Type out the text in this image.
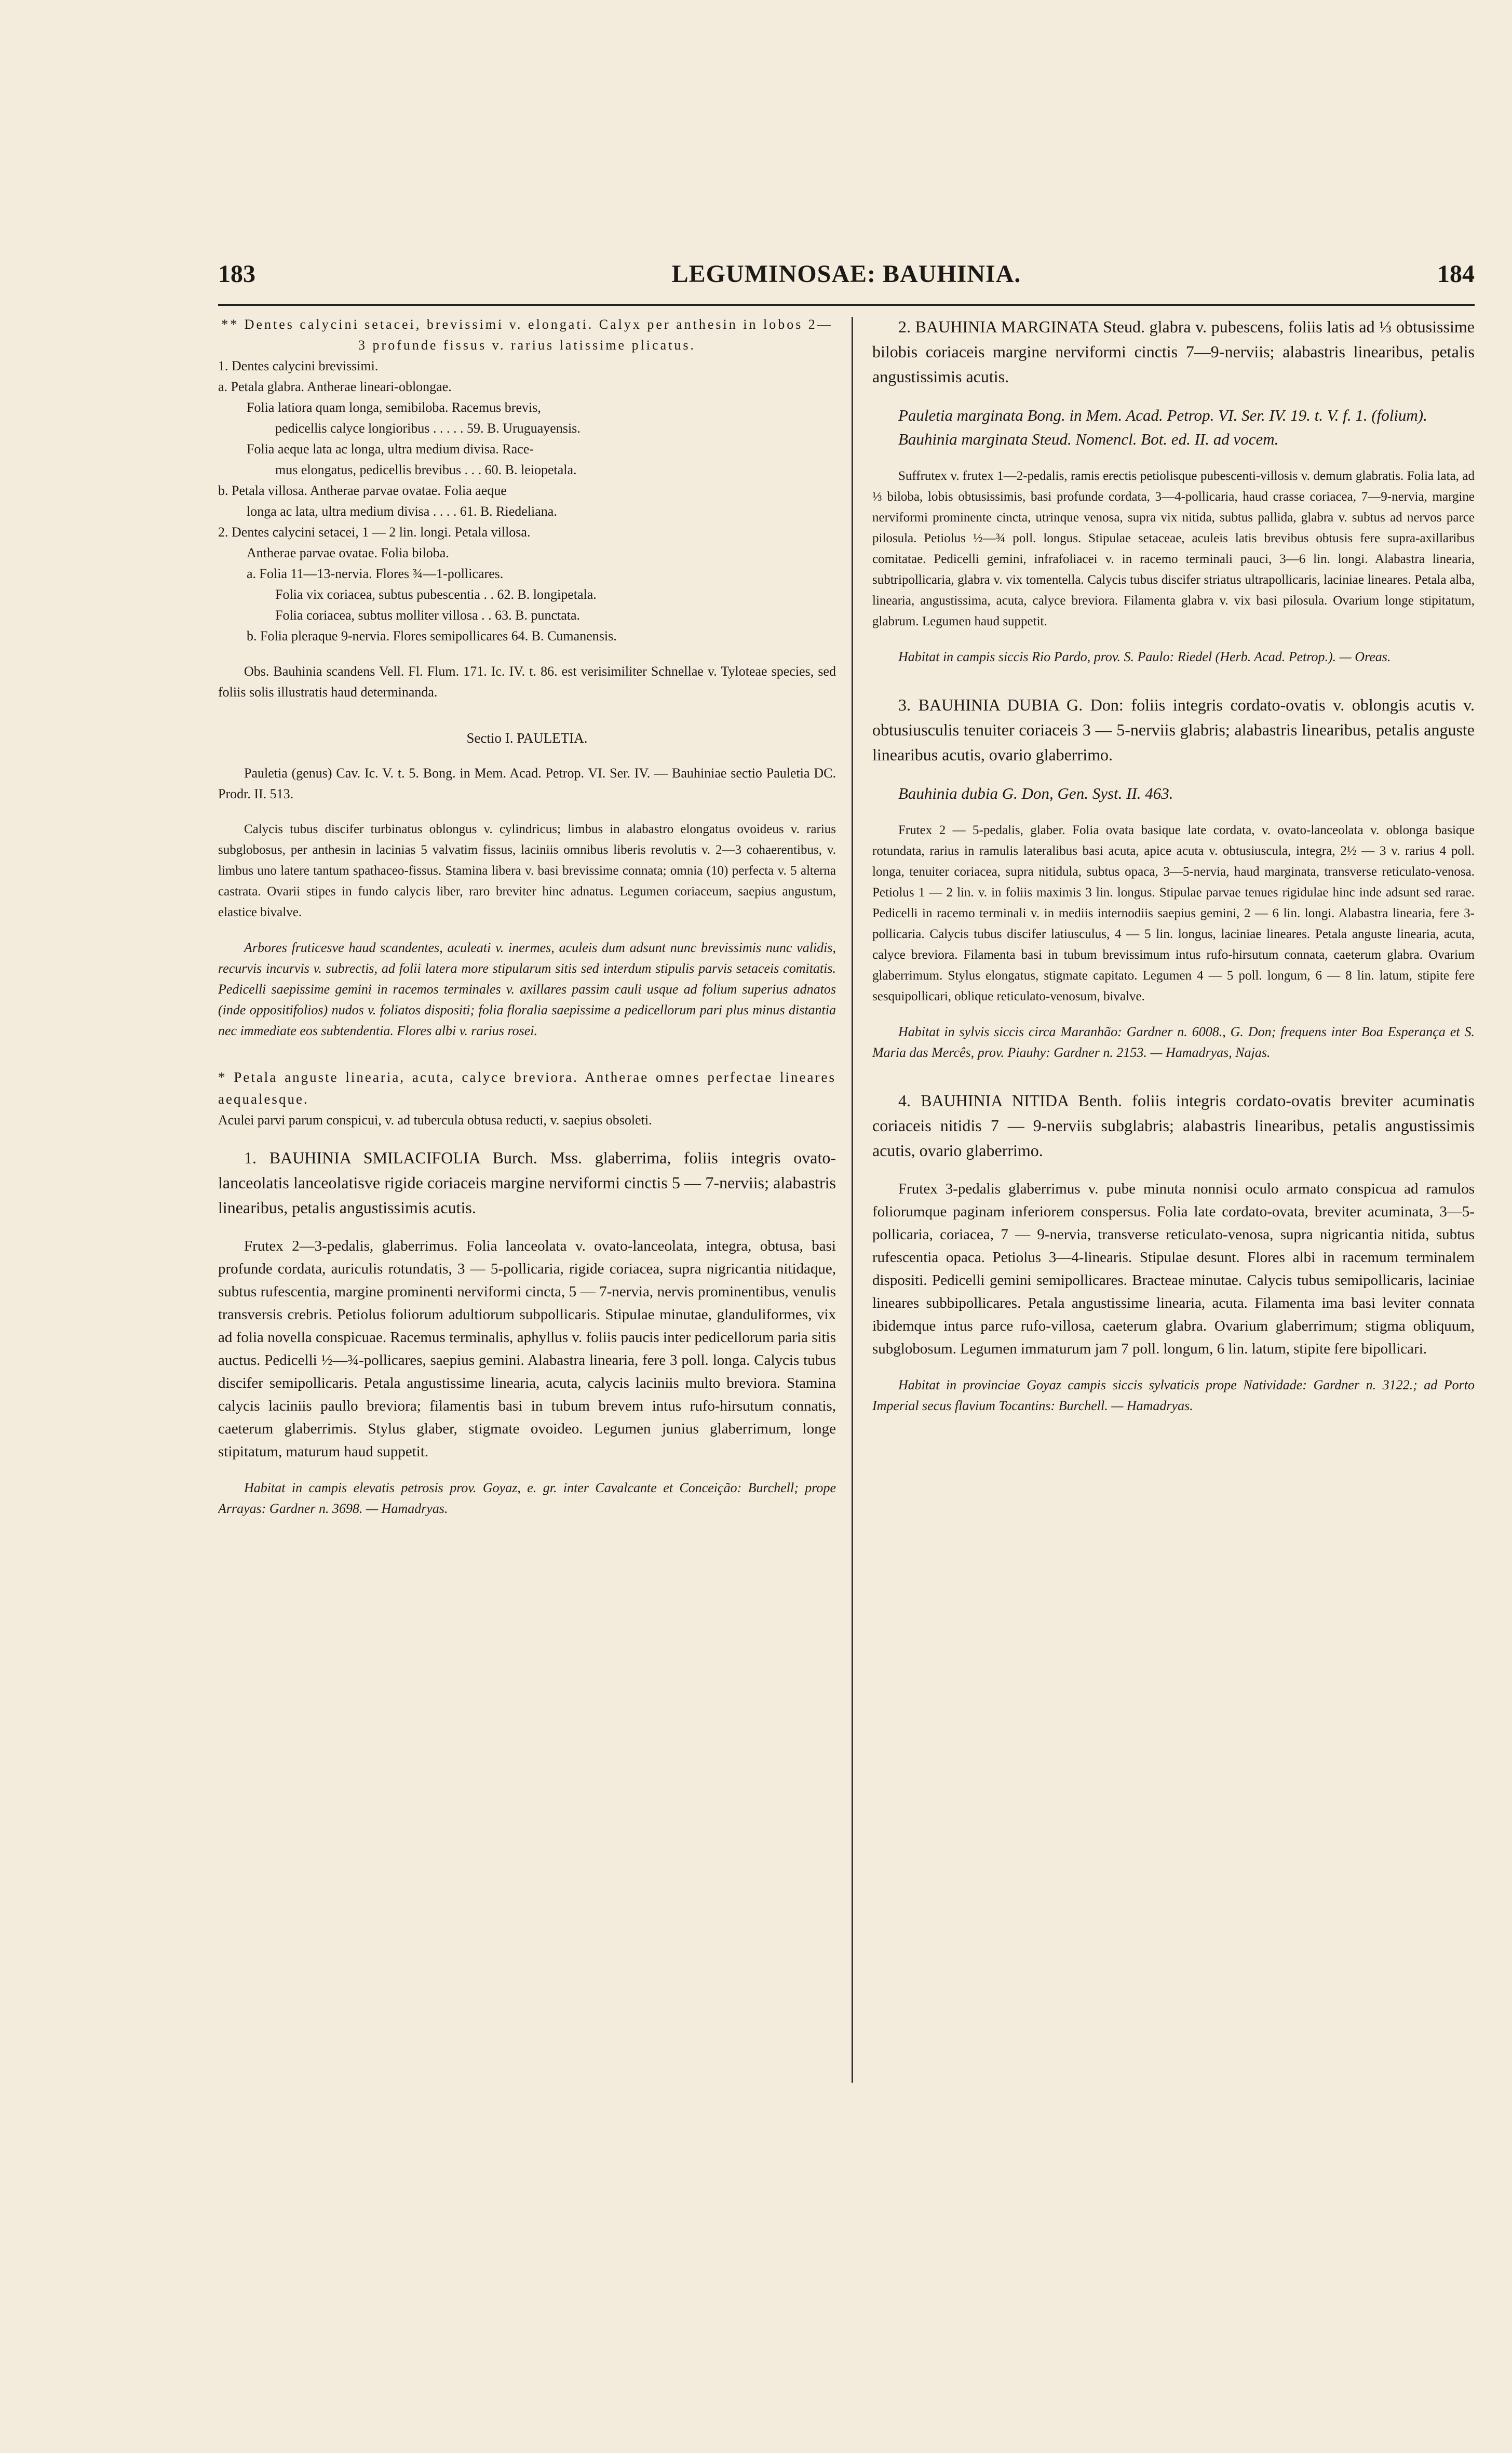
183	LEGUMINOSAE: BAUHINIA.	184

** Dentes calycini setacei, brevissimi v. elongati. Calyx per anthesin in lobos 2—3 profunde fissus v. rarius latissime plicatus.

1. Dentes calycini brevissimi.

a. Petala glabra. Antherae lineari-oblongae.

Folia latiora quam longa, semibiloba. Racemus brevis,

pedicellis calyce longioribus . . . . . 59. B. Uruguayensis.

Folia aeque lata ac longa, ultra medium divisa. Race-

mus elongatus, pedicellis brevibus . . . 60. B. leiopetala.

b. Petala villosa. Antherae parvae ovatae. Folia aeque

longa ac lata, ultra medium divisa . . . . 61. B. Riedeliana.

2. Dentes calycini setacei, 1 — 2 lin. longi. Petala villosa.

Antherae parvae ovatae. Folia biloba.

a. Folia 11—13-nervia. Flores ¾—1-pollicares.

Folia vix coriacea, subtus pubescentia . . 62. B. longipetala.

Folia coriacea, subtus molliter villosa . . 63. B. punctata.

b. Folia pleraque 9-nervia. Flores semipollicares 64. B. Cumanensis.

Obs. Bauhinia scandens Vell. Fl. Flum. 171. Ic. IV. t. 86. est verisimiliter Schnellae v. Tyloteae species, sed foliis solis illustratis haud determinanda.

Sectio I. PAULETIA.

Pauletia (genus) Cav. Ic. V. t. 5. Bong. in Mem. Acad. Petrop. VI. Ser. IV. — Bauhiniae sectio Pauletia DC. Prodr. II. 513.

Calycis tubus discifer turbinatus oblongus v. cylindricus; limbus in alabastro elongatus ovoideus v. rarius subglobosus, per anthesin in lacinias 5 valvatim fissus, laciniis omnibus liberis revolutis v. 2—3 cohaerentibus, v. limbus uno latere tantum spathaceo-fissus. Stamina libera v. basi brevissime connata; omnia (10) perfecta v. 5 alterna castrata. Ovarii stipes in fundo calycis liber, raro breviter hinc adnatus. Legumen coriaceum, saepius angustum, elastice bivalve.

Arbores fruticesve haud scandentes, aculeati v. inermes, aculeis dum adsunt nunc brevissimis nunc validis, recurvis incurvis v. subrectis, ad folii latera more stipularum sitis sed interdum stipulis parvis setaceis comitatis. Pedicelli saepissime gemini in racemos terminales v. axillares passim cauli usque ad folium superius adnatos (inde oppositifolios) nudos v. foliatos dispositi; folia floralia saepissime a pedicellorum pari plus minus distantia nec immediate eos subtendentia. Flores albi v. rarius rosei.

* Petala anguste linearia, acuta, calyce breviora. Antherae omnes perfectae lineares aequalesque.

Aculei parvi parum conspicui, v. ad tubercula obtusa reducti, v. saepius obsoleti.

1. BAUHINIA SMILACIFOLIA Burch. Mss. glaberrima, foliis integris ovato-lanceolatis lanceolatisve rigide coriaceis margine nerviformi cinctis 5 — 7-nerviis; alabastris linearibus, petalis angustissimis acutis.

Frutex 2—3-pedalis, glaberrimus. Folia lanceolata v. ovato-lanceolata, integra, obtusa, basi profunde cordata, auriculis rotundatis, 3 — 5-pollicaria, rigide coriacea, supra nigricantia nitidaque, subtus rufescentia, margine prominenti nerviformi cincta, 5 — 7-nervia, nervis prominentibus, venulis transversis crebris. Petiolus foliorum adultiorum subpollicaris. Stipulae minutae, glanduliformes, vix ad folia novella conspicuae. Racemus terminalis, aphyllus v. foliis paucis inter pedicellorum paria sitis auctus. Pedicelli ½—¾-pollicares, saepius gemini. Alabastra linearia, fere 3 poll. longa. Calycis tubus discifer semipollicaris. Petala angustissime linearia, acuta, calycis laciniis multo breviora. Stamina calycis laciniis paullo breviora; filamentis basi in tubum brevem intus rufo-hirsutum connatis, caeterum glaberrimis. Stylus glaber, stigmate ovoideo. Legumen junius glaberrimum, longe stipitatum, maturum haud suppetit.

Habitat in campis elevatis petrosis prov. Goyaz, e. gr. inter Cavalcante et Conceição: Burchell; prope Arrayas: Gardner n. 3698. — Hamadryas.

2. BAUHINIA MARGINATA Steud. glabra v. pubescens, foliis latis ad ⅓ obtusissime bilobis coriaceis margine nerviformi cinctis 7—9-nerviis; alabastris linearibus, petalis angustissimis acutis.

Pauletia marginata Bong. in Mem. Acad. Petrop. VI. Ser. IV. 19. t. V. f. 1. (folium). Bauhinia marginata Steud. Nomencl. Bot. ed. II. ad vocem.

Suffrutex v. frutex 1—2-pedalis, ramis erectis petiolisque pubescenti-villosis v. demum glabratis. Folia lata, ad ⅓ biloba, lobis obtusissimis, basi profunde cordata, 3—4-pollicaria, haud crasse coriacea, 7—9-nervia, margine nerviformi prominente cincta, utrinque venosa, supra vix nitida, subtus pallida, glabra v. subtus ad nervos parce pilosula. Petiolus ½—¾ poll. longus. Stipulae setaceae, aculeis latis brevibus obtusis fere supra-axillaribus comitatae. Pedicelli gemini, infrafoliacei v. in racemo terminali pauci, 3—6 lin. longi. Alabastra linearia, subtripollicaria, glabra v. vix tomentella. Calycis tubus discifer striatus ultrapollicaris, laciniae lineares. Petala alba, linearia, angustissima, acuta, calyce breviora. Filamenta glabra v. vix basi pilosula. Ovarium longe stipitatum, glabrum. Legumen haud suppetit.

Habitat in campis siccis Rio Pardo, prov. S. Paulo: Riedel (Herb. Acad. Petrop.). — Oreas.

3. BAUHINIA DUBIA G. Don: foliis integris cordato-ovatis v. oblongis acutis v. obtusiusculis tenuiter coriaceis 3 — 5-nerviis glabris; alabastris linearibus, petalis anguste linearibus acutis, ovario glaberrimo.

Bauhinia dubia G. Don, Gen. Syst. II. 463.

Frutex 2 — 5-pedalis, glaber. Folia ovata basique late cordata, v. ovato-lanceolata v. oblonga basique rotundata, rarius in ramulis lateralibus basi acuta, apice acuta v. obtusiuscula, integra, 2½ — 3 v. rarius 4 poll. longa, tenuiter coriacea, supra nitidula, subtus opaca, 3—5-nervia, haud marginata, transverse reticulato-venosa. Petiolus 1 — 2 lin. v. in foliis maximis 3 lin. longus. Stipulae parvae tenues rigidulae hinc inde adsunt sed rarae. Pedicelli in racemo terminali v. in mediis internodiis saepius gemini, 2 — 6 lin. longi. Alabastra linearia, fere 3-pollicaria. Calycis tubus discifer latiusculus, 4 — 5 lin. longus, laciniae lineares. Petala anguste linearia, acuta, calyce breviora. Filamenta basi in tubum brevissimum intus rufo-hirsutum connata, caeterum glabra. Ovarium glaberrimum. Stylus elongatus, stigmate capitato. Legumen 4 — 5 poll. longum, 6 — 8 lin. latum, stipite fere sesquipollicari, oblique reticulato-venosum, bivalve.

Habitat in sylvis siccis circa Maranhão: Gardner n. 6008., G. Don; frequens inter Boa Esperança et S. Maria das Mercês, prov. Piauhy: Gardner n. 2153. — Hamadryas, Najas.

4. BAUHINIA NITIDA Benth. foliis integris cordato-ovatis breviter acuminatis coriaceis nitidis 7 — 9-nerviis subglabris; alabastris linearibus, petalis angustissimis acutis, ovario glaberrimo.

Frutex 3-pedalis glaberrimus v. pube minuta nonnisi oculo armato conspicua ad ramulos foliorumque paginam inferiorem conspersus. Folia late cordato-ovata, breviter acuminata, 3—5-pollicaria, coriacea, 7 — 9-nervia, transverse reticulato-venosa, supra nigricantia nitida, subtus rufescentia opaca. Petiolus 3—4-linearis. Stipulae desunt. Flores albi in racemum terminalem dispositi. Pedicelli gemini semipollicares. Bracteae minutae. Calycis tubus semipollicaris, laciniae lineares subbipollicares. Petala angustissime linearia, acuta. Filamenta ima basi leviter connata ibidemque intus parce rufo-villosa, caeterum glabra. Ovarium glaberrimum; stigma obliquum, subglobosum. Legumen immaturum jam 7 poll. longum, 6 lin. latum, stipite fere bipollicari.

Habitat in provinciae Goyaz campis siccis sylvaticis prope Natividade: Gardner n. 3122.; ad Porto Imperial secus flavium Tocantins: Burchell. — Hamadryas.
